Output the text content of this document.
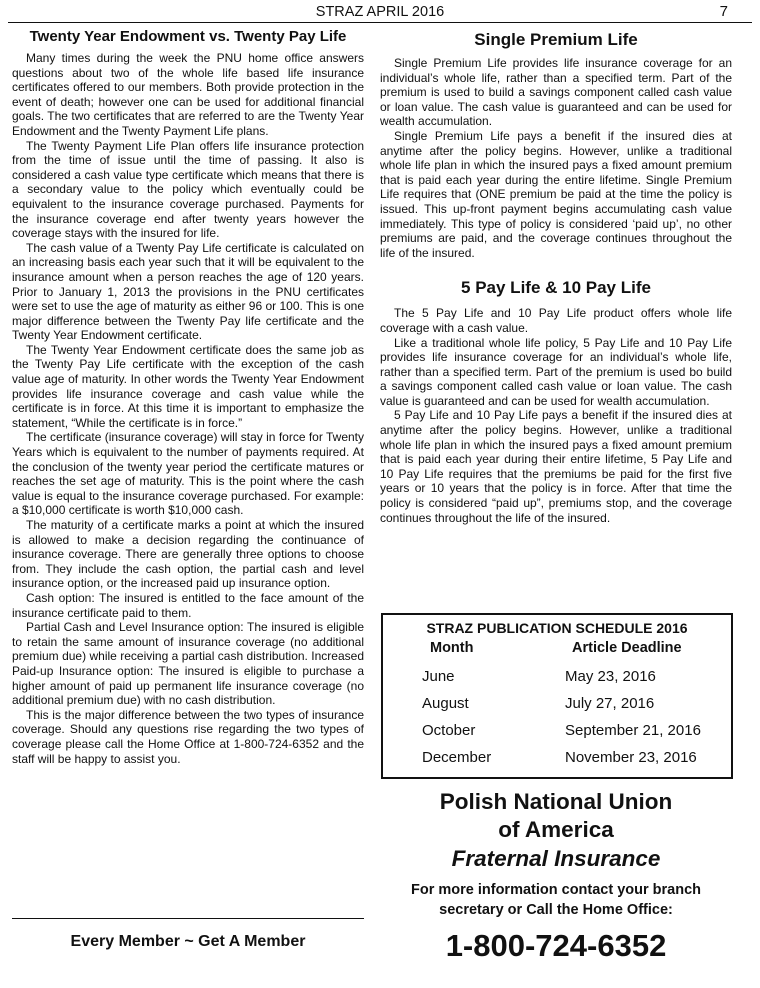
STRAZ APRIL 2016	7
Twenty Year Endowment vs. Twenty Pay Life

Many times during the week the PNU home office answers questions about two of the whole life based life insurance certificates offered to our members. Both provide protection in the event of death; however one can be used for additional financial goals. The two certificates that are referred to are the Twenty Year Endowment and the Twenty Payment Life plans.

The Twenty Payment Life Plan offers life insurance protection from the time of issue until the time of passing. It also is considered a cash value type certificate which means that there is a secondary value to the policy which eventually could be equivalent to the insurance coverage purchased. Payments for the insurance coverage end after twenty years however the coverage stays with the insured for life.

The cash value of a Twenty Pay Life certificate is calculated on an increasing basis each year such that it will be equivalent to the insurance amount when a person reaches the age of 120 years. Prior to January 1, 2013 the provisions in the PNU certificates were set to use the age of maturity as either 96 or 100. This is one major difference between the Twenty Pay life certificate and the Twenty Year Endowment certificate.

The Twenty Year Endowment certificate does the same job as the Twenty Pay Life certificate with the exception of the cash value age of maturity. In other words the Twenty Year Endowment provides life insurance coverage and cash value while the certificate is in force. At this time it is important to emphasize the statement, “While the certificate is in force.”

The certificate (insurance coverage) will stay in force for Twenty Years which is equivalent to the number of payments required. At the conclusion of the twenty year period the certificate matures or reaches the set age of maturity. This is the point where the cash value is equal to the insurance coverage purchased. For example: a $10,000 certificate is worth $10,000 cash.

The maturity of a certificate marks a point at which the insured is allowed to make a decision regarding the continuance of insurance coverage. There are generally three options to choose from. They include the cash option, the partial cash and level insurance option, or the increased paid up insurance option.

Cash option: The insured is entitled to the face amount of the insurance certificate paid to them.

Partial Cash and Level Insurance option: The insured is eligible to retain the same amount of insurance coverage (no additional premium due) while receiving a partial cash distribution. Increased Paid-up Insurance option: The insured is eligible to purchase a higher amount of paid up permanent life insurance coverage (no additional premium due) with no cash distribution.

This is the major difference between the two types of insurance coverage. Should any questions rise regarding the two types of coverage please call the Home Office at 1-800-724-6352 and the staff will be happy to assist you.

Every Member ~ Get A Member
Single Premium Life

Single Premium Life provides life insurance coverage for an individual’s whole life, rather than a specified term. Part of the premium is used to build a savings component called cash value or loan value. The cash value is guaranteed and can be used for wealth accumulation.

Single Premium Life pays a benefit if the insured dies at anytime after the policy begins. However, unlike a traditional whole life plan in which the insured pays a fixed amount premium that is paid each year during the entire lifetime. Single Premium Life requires that (ONE premium be paid at the time the policy is issued. This up-front payment begins accumulating cash value immediately. This type of policy is considered ‘paid up’, no other premiums are paid, and the coverage continues throughout the life of the insured.

5 Pay Life & 10 Pay Life

The 5 Pay Life and 10 Pay Life product offers whole life coverage with a cash value.

Like a traditional whole life policy, 5 Pay Life and 10 Pay Life provides life insurance coverage for an individual’s whole life, rather than a specified term. Part of the premium is used bo build a savings component called cash value or loan value. The cash value is guaranteed and can be used for wealth accumulation.

5 Pay Life and 10 Pay Life pays a benefit if the insured dies at anytime after the policy begins. However, unlike a traditional whole life plan in which the insured pays a fixed amount premium that is paid each year during their entire lifetime, 5 Pay Life and 10 Pay Life requires that the premiums be paid for the first five years or 10 years that the policy is in force. After that time the policy is considered “paid up”, premiums stop, and the coverage continues throughout the life of the insured.

STRAZ PUBLICATION SCHEDULE 2016
Month	Article Deadline
June	May 23, 2016
August	July 27, 2016
October	September 21, 2016
December	November 23, 2016
Polish National Union
of America
Fraternal Insurance
For more information contact your branch secretary or Call the Home Office:
1-800-724-6352
